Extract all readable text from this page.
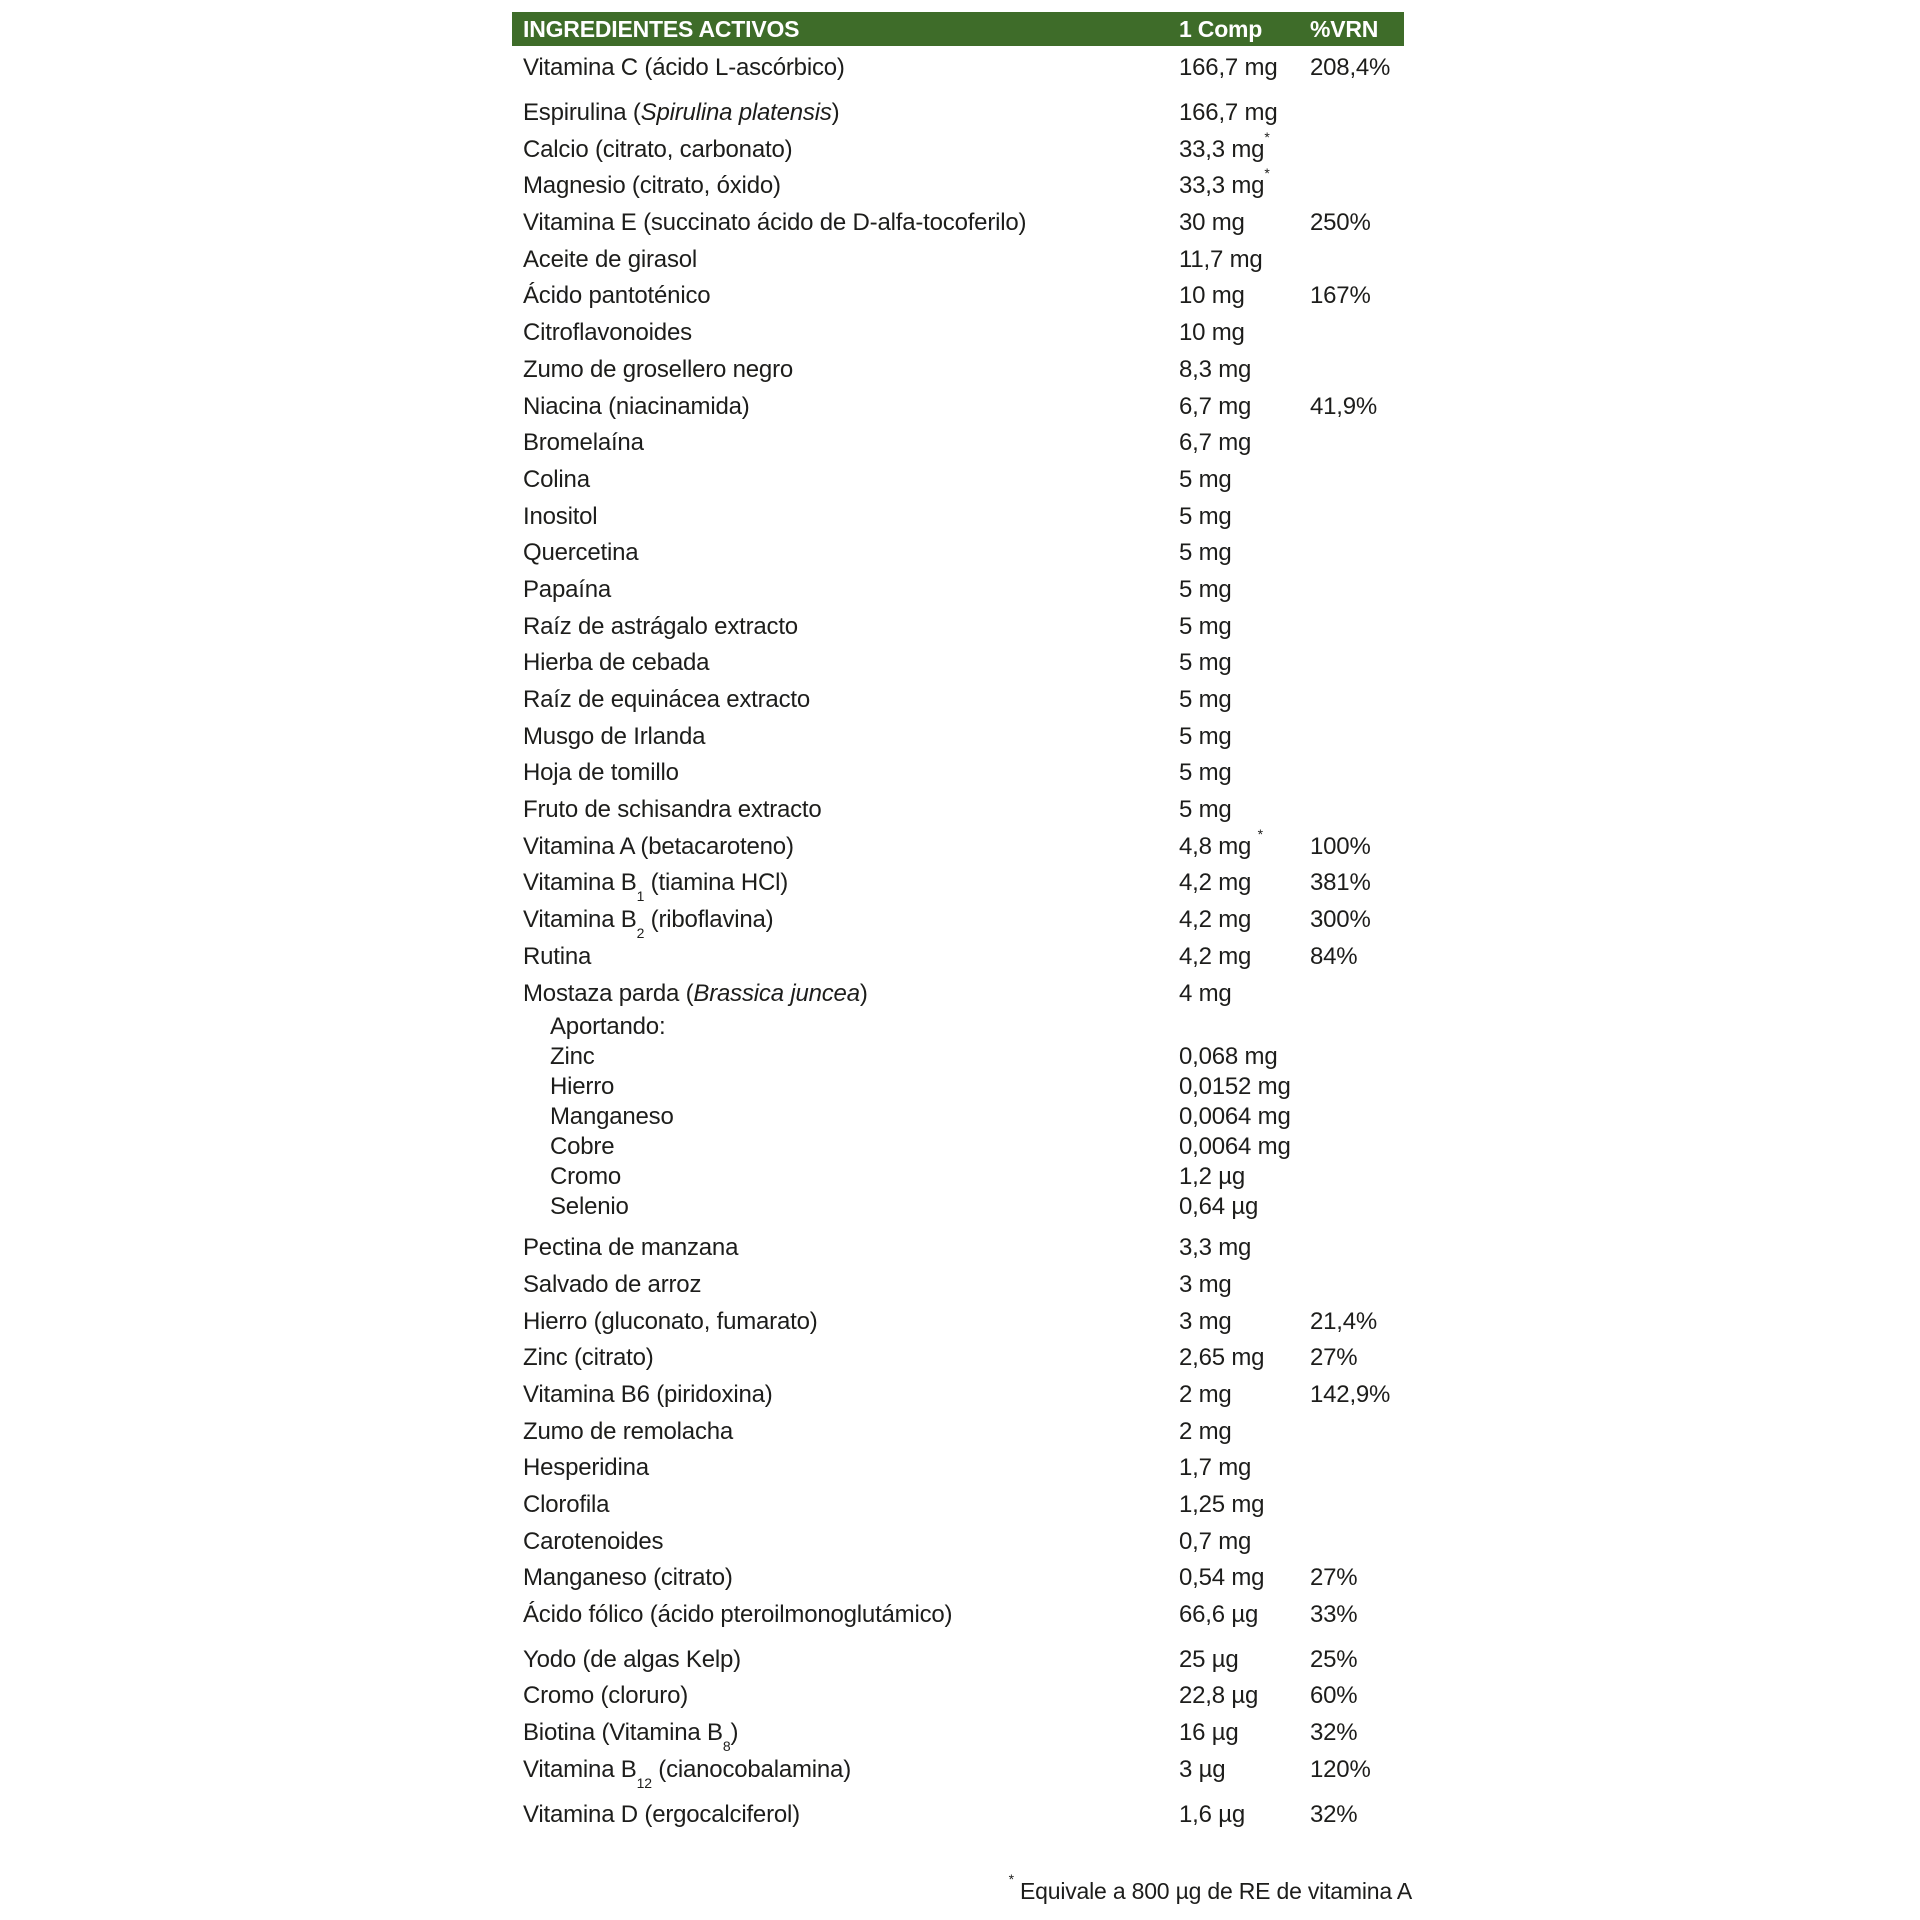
INGREDIENTES ACTIVOS	1 Comp	%VRN
Vitamina C (ácido L-ascórbico)	166,7 mg	208,4%
Espirulina (Spirulina platensis)	166,7 mg
Calcio (citrato, carbonato)	33,3 mg*
Magnesio (citrato, óxido)	33,3 mg*
Vitamina E (succinato ácido de D-alfa-tocoferilo)	30 mg	250%
Aceite de girasol	11,7 mg
Ácido pantoténico	10 mg	167%
Citroflavonoides	10 mg
Zumo de grosellero negro	8,3 mg
Niacina (niacinamida)	6,7 mg	41,9%
Bromelaína	6,7 mg
Colina	5 mg
Inositol	5 mg
Quercetina	5 mg
Papaína	5 mg
Raíz de astrágalo extracto	5 mg
Hierba de cebada	5 mg
Raíz de equinácea extracto	5 mg
Musgo de Irlanda	5 mg
Hoja de tomillo	5 mg
Fruto de schisandra extracto	5 mg
Vitamina A (betacaroteno)	4,8 mg *	100%
Vitamina $B_1$ (tiamina HCl)	4,2 mg	381%
Vitamina $B_2$ (riboflavina)	4,2 mg	300%
Rutina	4,2 mg	84%
Mostaza parda (Brassica juncea)	4 mg
Aportando:
Zinc	0,068 mg
Hierro	0,0152 mg
Manganeso	0,0064 mg
Cobre	0,0064 mg
Cromo	1,2 µg
Selenio	0,64 µg
Pectina de manzana	3,3 mg
Salvado de arroz	3 mg
Hierro (gluconato, fumarato)	3 mg	21,4%
Zinc (citrato)	2,65 mg	27%
Vitamina B6 (piridoxina)	2 mg	142,9%
Zumo de remolacha	2 mg
Hesperidina	1,7 mg
Clorofila	1,25 mg
Carotenoides	0,7 mg
Manganeso (citrato)	0,54 mg	27%
Ácido fólico (ácido pteroilmonoglutámico)	66,6 µg	33%
Yodo (de algas Kelp)	25 µg	25%
Cromo (cloruro)	22,8 µg	60%
Biotina (Vitamina $B_8$)	16 µg	32%
Vitamina $B_{12}$ (cianocobalamina)	3 µg	120%
Vitamina D (ergocalciferol)	1,6 µg	32%
* Equivale a 800 µg de RE de vitamina A
